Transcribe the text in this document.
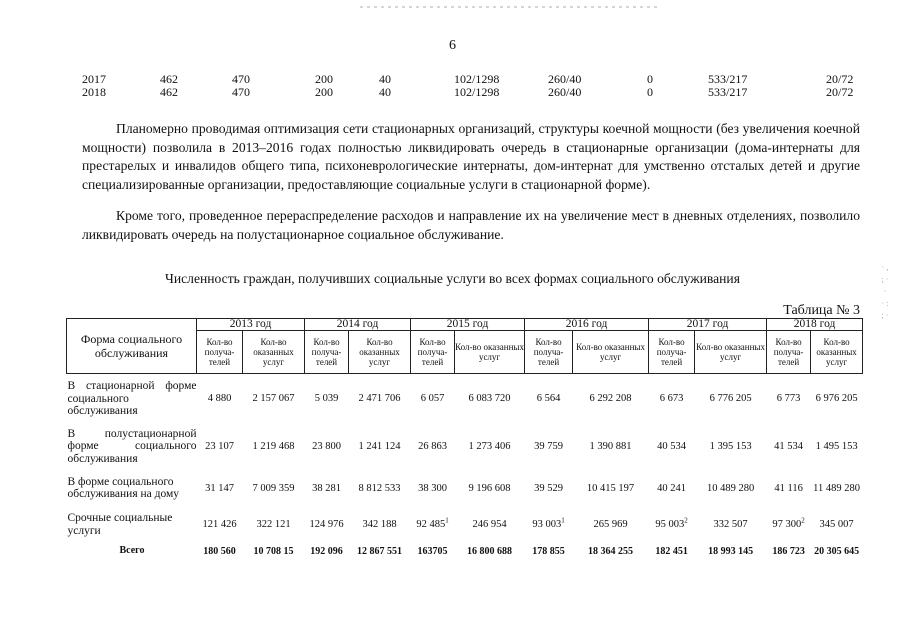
6
2017	462	470	200	40	102/1298	260/40	0	533/217	20/72
2018	462	470	200	40	102/1298	260/40	0	533/217	20/72

Планомерно проводимая оптимизация сети стационарных организаций, структуры коечной мощности (без увеличения коечной мощности) позволила в 2013–2016 годах полностью ликвидировать очередь в стационарные организации (дома-интернаты для престарелых и инвалидов общего типа, психоневрологические интернаты, дом-интернат для умственно отсталых детей и другие специализированные организации, предоставляющие социальные услуги в стационарной форме).

Кроме того, проведенное перераспределение расходов и направление их на увеличение мест в дневных отделениях, позволило ликвидировать очередь на полустационарное социальное обслуживание.

Численность граждан, получивших социальные услуги во всех формах социального обслуживания
Таблица № 3
Форма социального обслуживания	2013 год		2014 год		2015 год		2016 год		2017 год		2018 год	
	Кол-во получа-телей	Кол-во оказанных услуг	Кол-во получа-телей	Кол-во оказанных услуг	Кол-во получа-телей	Кол-во оказанных услуг	Кол-во получа-телей	Кол-во оказанных услуг	Кол-во получа-телей	Кол-во оказанных услуг	Кол-во получа-телей	Кол-во оказанных услуг
В стационарной форме социального обслуживания	4 880	2 157 067	5 039	2 471 706	6 057	6 083 720	6 564	6 292 208	6 673	6 776 205	6 773	6 976 205
В полустационарной форме социального обслуживания	23 107	1 219 468	23 800	1 241 124	26 863	1 273 406	39 759	1 390 881	40 534	1 395 153	41 534	1 495 153
В форме социального обслуживания на дому	31 147	7 009 359	38 281	8 812 533	38 300	9 196 608	39 529	10 415 197	40 241	10 489 280	41 116	11 489 280
Срочные социальные услуги	121 426	322 121	124 976	342 188	92 $485^1$	246 954	93 $003^1$	265 969	95 $003^2$	332 507	97 $300^2$	345 007
Всего	180 560	10 708 15	192 096	12 867 551	163705	16 800 688	178 855	18 364 255	182 451	18 993 145	186 723	20 305 645
· ,
; ·
·
· :
; ·
